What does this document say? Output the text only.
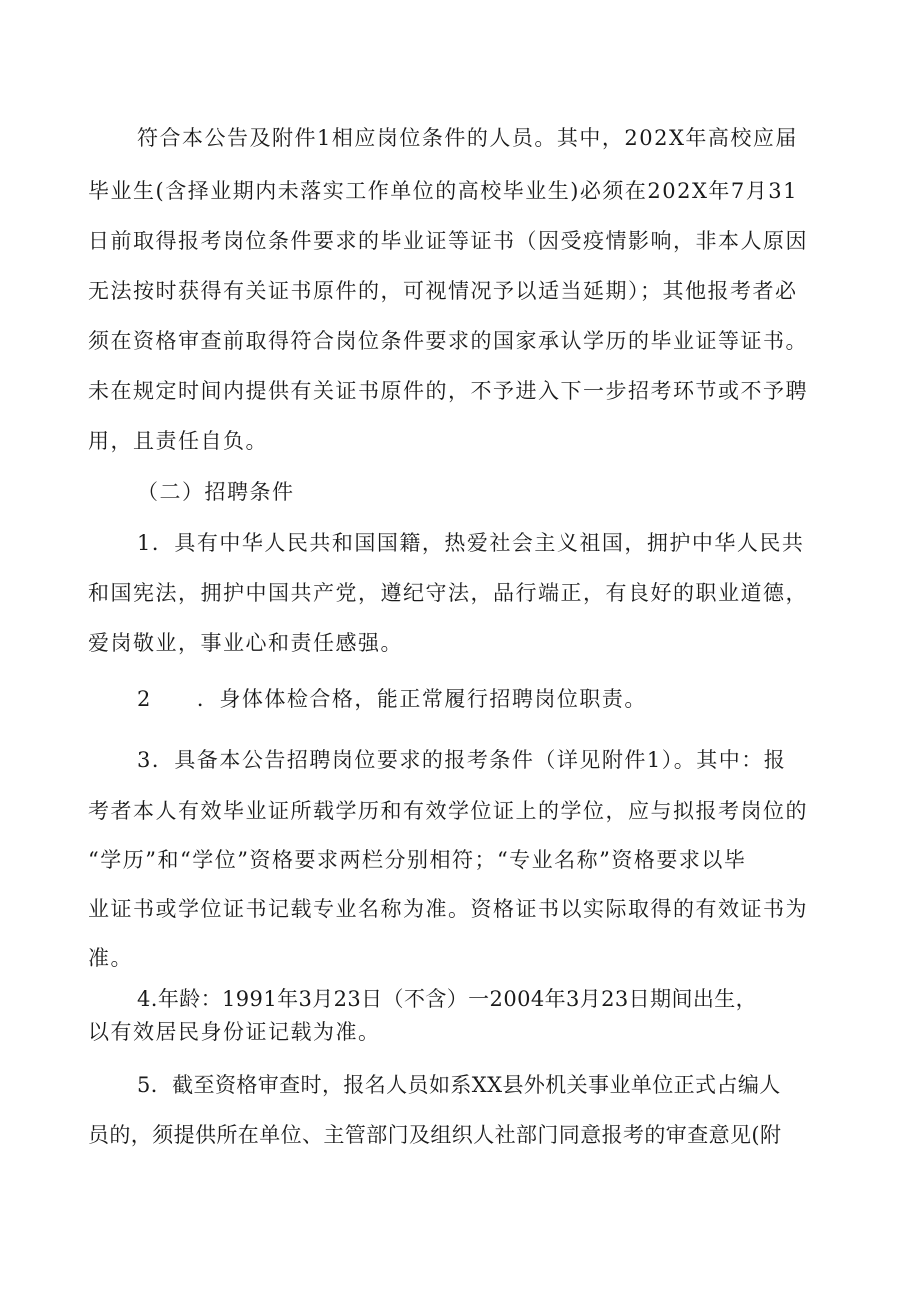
符合本公告及附件1相应岗位条件的人员。其中，202X年高校应届
毕业生(含择业期内未落实工作单位的高校毕业生)必须在202X年7月31
日前取得报考岗位条件要求的毕业证等证书（因受疫情影响，非本人原因
无法按时获得有关证书原件的，可视情况予以适当延期）；其他报考者必
须在资格审查前取得符合岗位条件要求的国家承认学历的毕业证等证书。
未在规定时间内提供有关证书原件的，不予进入下一步招考环节或不予聘
用，且责任自负。
（二）招聘条件
1．具有中华人民共和国国籍，热爱社会主义祖国，拥护中华人民共
和国宪法，拥护中国共产党，遵纪守法，品行端正，有良好的职业道德，
爱岗敬业，事业心和责任感强。
2　　．身体体检合格，能正常履行招聘岗位职责。
3．具备本公告招聘岗位要求的报考条件（详见附件1）。其中：报
考者本人有效毕业证所载学历和有效学位证上的学位，应与拟报考岗位的
“学历”和“学位”资格要求两栏分别相符；“专业名称”资格要求以毕
业证书或学位证书记载专业名称为准。资格证书以实际取得的有效证书为
准。
4.年龄：1991年3月23日（不含）一2004年3月23日期间出生，
以有效居民身份证记载为准。
5．截至资格审查时，报名人员如系XX县外机关事业单位正式占编人
员的，须提供所在单位、主管部门及组织人社部门同意报考的审查意见(附
